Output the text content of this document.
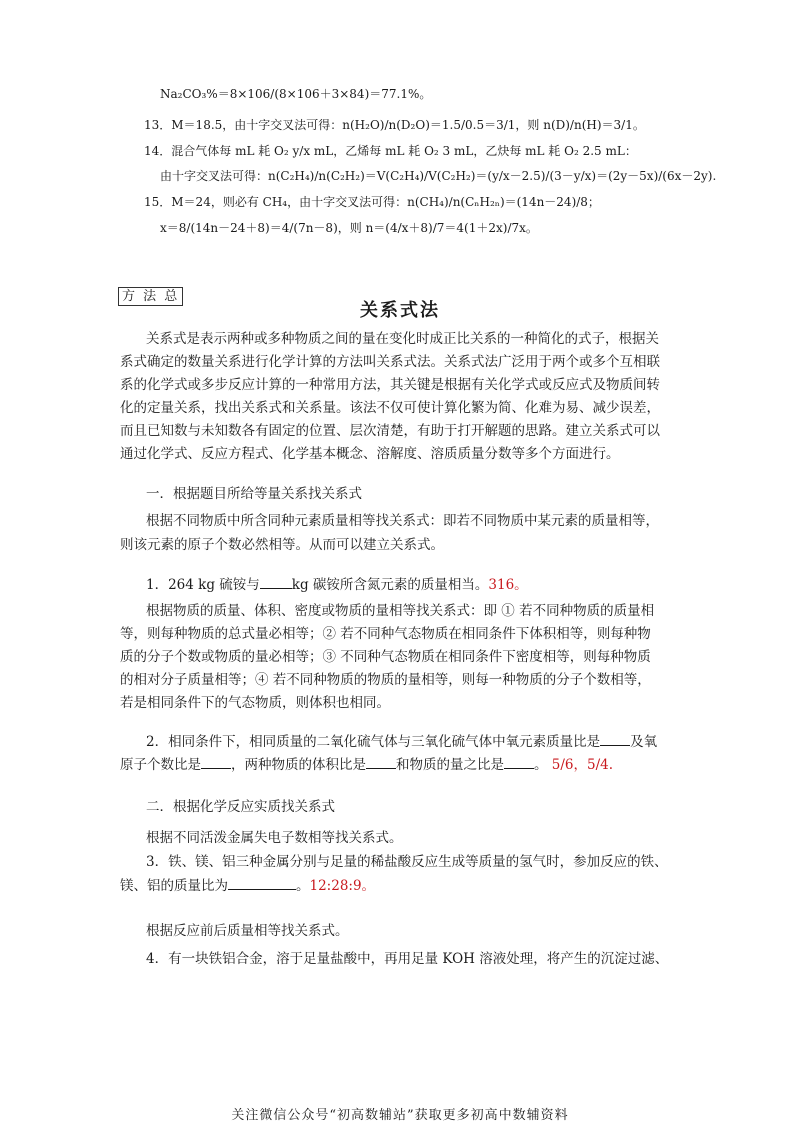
Na₂CO₃%＝8×106/(8×106＋3×84)＝77.1%。
13．M＝18.5，由十字交叉法可得：n(H₂O)/n(D₂O)＝1.5/0.5＝3/1，则 n(D)/n(H)＝3/1。
14．混合气体每 mL 耗 O₂ y/x mL，乙烯每 mL 耗 O₂ 3 mL，乙炔每 mL 耗 O₂ 2.5 mL：
由十字交叉法可得：n(C₂H₄)/n(C₂H₂)＝V(C₂H₄)/V(C₂H₂)＝(y/x－2.5)/(3－y/x)＝(2y－5x)/(6x－2y).
15．M＝24，则必有 CH₄，由十字交叉法可得：n(CH₄)/n(CₙH₂ₙ)＝(14n－24)/8；
x＝8/(14n－24＋8)＝4/(7n－8)，则 n＝(4/x＋8)/7＝4(1＋2x)/7x。
方 法 总
关系式法
关系式是表示两种或多种物质之间的量在变化时成正比关系的一种简化的式子，根据关
系式确定的数量关系进行化学计算的方法叫关系式法。关系式法广泛用于两个或多个互相联
系的化学式或多步反应计算的一种常用方法，其关键是根据有关化学式或反应式及物质间转
化的定量关系，找出关系式和关系量。该法不仅可使计算化繁为简、化难为易、减少误差，
而且已知数与未知数各有固定的位置、层次清楚，有助于打开解题的思路。建立关系式可以
通过化学式、反应方程式、化学基本概念、溶解度、溶质质量分数等多个方面进行。
一．根据题目所给等量关系找关系式
根据不同物质中所含同种元素质量相等找关系式：即若不同物质中某元素的质量相等，
则该元素的原子个数必然相等。从而可以建立关系式。
1．264 kg 硫铵与 kg 碳铵所含氮元素的质量相当。316。
根据物质的质量、体积、密度或物质的量相等找关系式：即 ① 若不同种物质的质量相
等，则每种物质的总式量必相等；② 若不同种气态物质在相同条件下体积相等，则每种物
质的分子个数或物质的量必相等；③ 不同种气态物质在相同条件下密度相等，则每种物质
的相对分子质量相等；④ 若不同种物质的物质的量相等，则每一种物质的分子个数相等，
若是相同条件下的气态物质，则体积也相同。
2．相同条件下，相同质量的二氧化硫气体与三氧化硫气体中氧元素质量比是 及氧
原子个数比是 ，两种物质的体积比是 和物质的量之比是 。 5/6，5/4.
二．根据化学反应实质找关系式
根据不同活泼金属失电子数相等找关系式。
3．铁、镁、铝三种金属分别与足量的稀盐酸反应生成等质量的氢气时，参加反应的铁、
镁、铝的质量比为	。12:28:9。
根据反应前后质量相等找关系式。
4．有一块铁铝合金，溶于足量盐酸中，再用足量 KOH 溶液处理，将产生的沉淀过滤、
关注微信公众号“初高数辅站”获取更多初高中数辅资料
